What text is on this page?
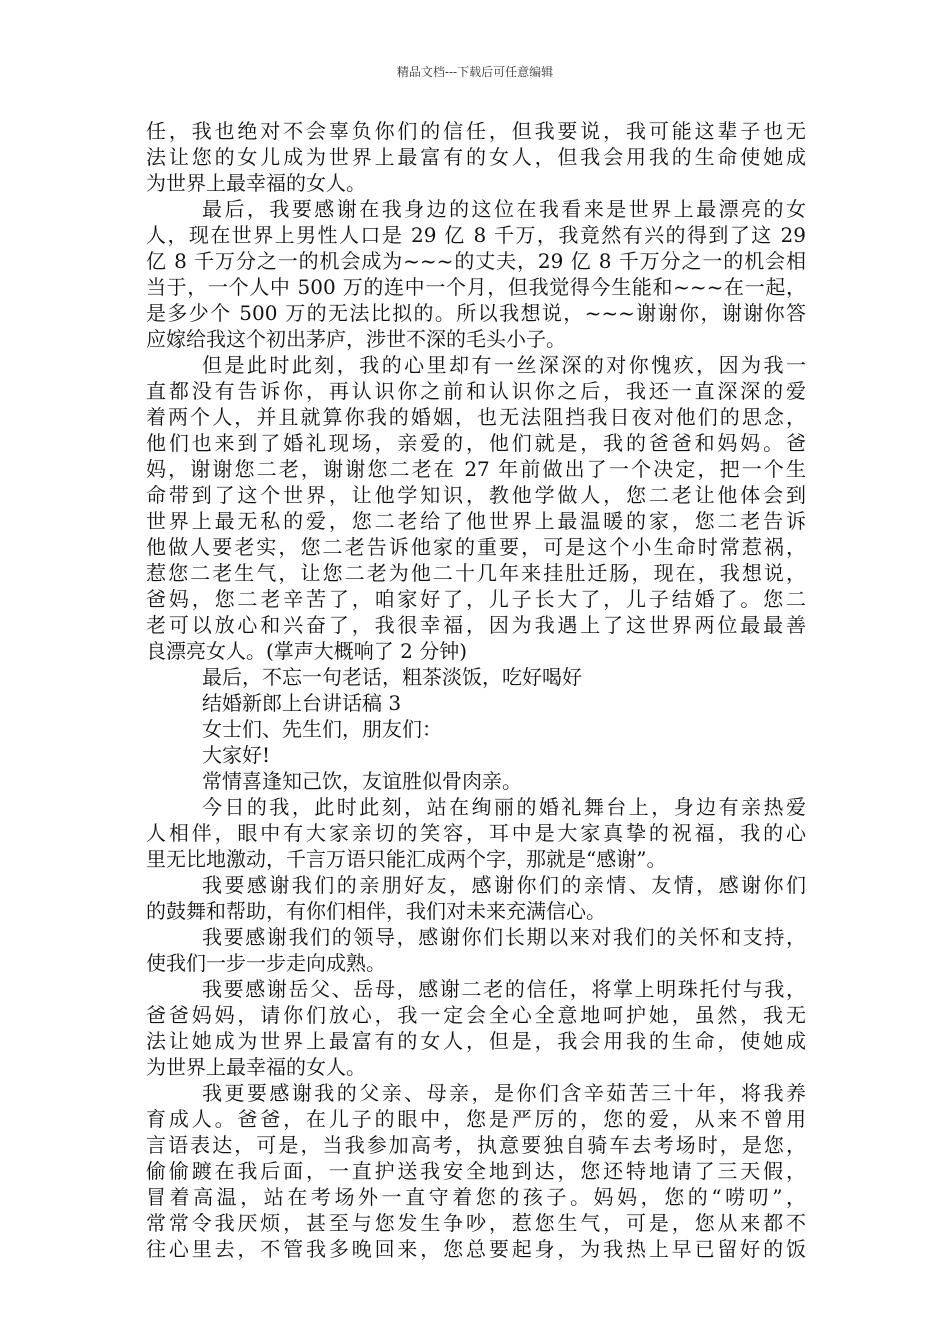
精品文档---下载后可任意编辑
任，我也绝对不会辜负你们的信任，但我要说，我可能这辈子也无
法让您的女儿成为世界上最富有的女人，但我会用我的生命使她成
为世界上最幸福的女人。
最后，我要感谢在我身边的这位在我看来是世界上最漂亮的女
人，现在世界上男性人口是 29 亿 8 千万，我竟然有兴的得到了这 29
亿 8 千万分之一的机会成为~~~的丈夫，29 亿 8 千万分之一的机会相
当于，一个人中 500 万的连中一个月，但我觉得今生能和~~~在一起，
是多少个 500 万的无法比拟的。所以我想说，~~~谢谢你，谢谢你答
应嫁给我这个初出茅庐，涉世不深的毛头小子。
但是此时此刻，我的心里却有一丝深深的对你愧疚，因为我一
直都没有告诉你，再认识你之前和认识你之后，我还一直深深的爱
着两个人，并且就算你我的婚姻，也无法阻挡我日夜对他们的思念，
他们也来到了婚礼现场，亲爱的，他们就是，我的爸爸和妈妈。爸
妈，谢谢您二老，谢谢您二老在 27 年前做出了一个决定，把一个生
命带到了这个世界，让他学知识，教他学做人，您二老让他体会到
世界上最无私的爱，您二老给了他世界上最温暖的家，您二老告诉
他做人要老实，您二老告诉他家的重要，可是这个小生命时常惹祸，
惹您二老生气，让您二老为他二十几年来挂肚迁肠，现在，我想说，
爸妈，您二老辛苦了，咱家好了，儿子长大了，儿子结婚了。您二
老可以放心和兴奋了，我很幸福，因为我遇上了这世界两位最最善
良漂亮女人。(掌声大概响了 2 分钟)
最后，不忘一句老话，粗茶淡饭，吃好喝好
结婚新郎上台讲话稿 3
女士们、先生们，朋友们：
大家好!
常情喜逢知己饮，友谊胜似骨肉亲。
今日的我，此时此刻，站在绚丽的婚礼舞台上，身边有亲热爱
人相伴，眼中有大家亲切的笑容，耳中是大家真挚的祝福，我的心
里无比地激动，千言万语只能汇成两个字，那就是“感谢”。
我要感谢我们的亲朋好友，感谢你们的亲情、友情，感谢你们
的鼓舞和帮助，有你们相伴，我们对未来充满信心。
我要感谢我们的领导，感谢你们长期以来对我们的关怀和支持，
使我们一步一步走向成熟。
我要感谢岳父、岳母，感谢二老的信任，将掌上明珠托付与我，
爸爸妈妈，请你们放心，我一定会全心全意地呵护她，虽然，我无
法让她成为世界上最富有的女人，但是，我会用我的生命，使她成
为世界上最幸福的女人。
我更要感谢我的父亲、母亲，是你们含辛茹苦三十年，将我养
育成人。爸爸，在儿子的眼中，您是严厉的，您的爱，从来不曾用
言语表达，可是，当我参加高考，执意要独自骑车去考场时，是您，
偷偷踱在我后面，一直护送我安全地到达，您还特地请了三天假，
冒着高温，站在考场外一直守着您的孩子。妈妈，您的“唠叨”，
常常令我厌烦，甚至与您发生争吵，惹您生气，可是，您从来都不
往心里去，不管我多晚回来，您总要起身，为我热上早已留好的饭
